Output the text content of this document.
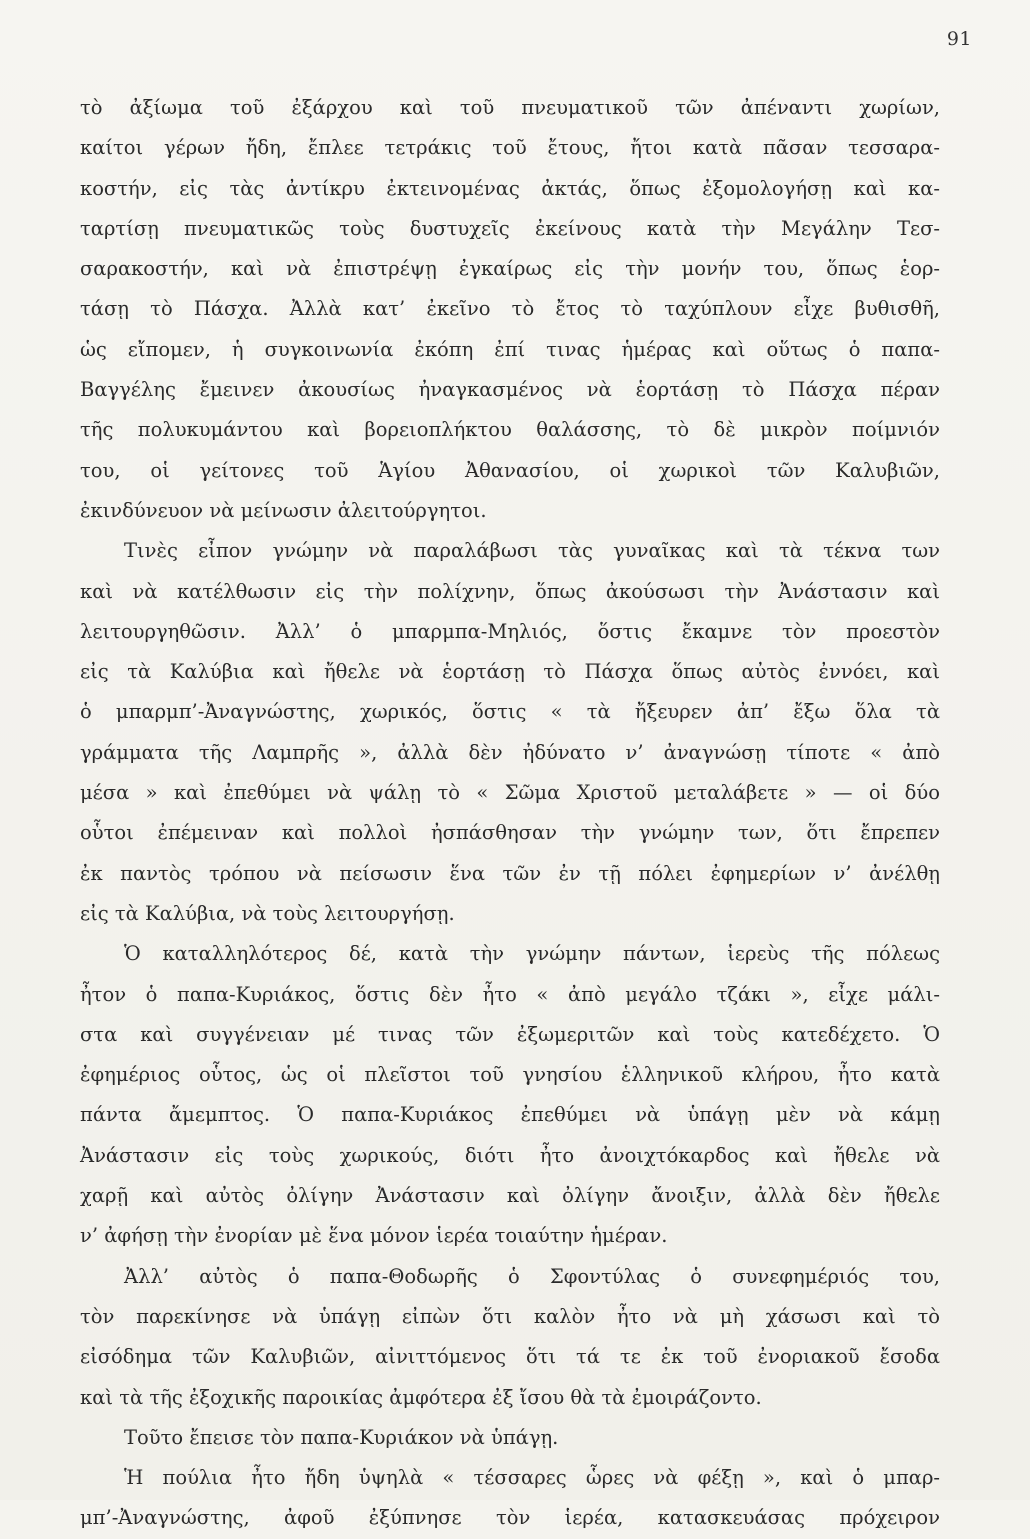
91
τὸ ἀξίωμα τοῦ ἐξάρχου καὶ τοῦ πνευματικοῦ τῶν ἀπέναντι χωρίων,
καίτοι γέρων ἤδη, ἔπλεε τετράκις τοῦ ἔτους, ἤτοι κατὰ πᾶσαν τεσσαρα-
κοστήν, εἰς τὰς ἀντίκρυ ἐκτεινομένας ἀκτάς, ὅπως ἐξομολογήσῃ καὶ κα-
ταρτίσῃ πνευματικῶς τοὺς δυστυχεῖς ἐκείνους κατὰ τὴν Μεγάλην Τεσ-
σαρακοστήν, καὶ νὰ ἐπιστρέψῃ ἐγκαίρως εἰς τὴν μονήν του, ὅπως ἑορ-
τάσῃ τὸ Πάσχα. Ἀλλὰ κατ’ ἐκεῖνο τὸ ἔτος τὸ ταχύπλουν εἶχε βυθισθῆ,
ὡς εἴπομεν, ἡ συγκοινωνία ἐκόπη ἐπί τινας ἡμέρας καὶ οὕτως ὁ παπα-
Βαγγέλης ἔμεινεν ἀκουσίως ἠναγκασμένος νὰ ἑορτάσῃ τὸ Πάσχα πέραν
τῆς πολυκυμάντου καὶ βορειοπλήκτου θαλάσσης, τὸ δὲ μικρὸν ποίμνιόν
του, οἱ γείτονες τοῦ Ἁγίου Ἀθανασίου, οἱ χωρικοὶ τῶν Καλυβιῶν,
ἐκινδύνευον νὰ μείνωσιν ἀλειτούργητοι.
Τινὲς εἶπον γνώμην νὰ παραλάβωσι τὰς γυναῖκας καὶ τὰ τέκνα των
καὶ νὰ κατέλθωσιν εἰς τὴν πολίχνην, ὅπως ἀκούσωσι τὴν Ἀνάστασιν καὶ
λειτουργηθῶσιν. Ἀλλ’ ὁ μπαρμπα-Μηλιός, ὅστις ἔκαμνε τὸν προεστὸν
εἰς τὰ Καλύβια καὶ ἤθελε νὰ ἑορτάσῃ τὸ Πάσχα ὅπως αὐτὸς ἐννόει, καὶ
ὁ μπαρμπ’-Ἀναγνώστης, χωρικός, ὅστις « τὰ ἤξευρεν ἀπ’ ἔξω ὅλα τὰ
γράμματα τῆς Λαμπρῆς », ἀλλὰ δὲν ἠδύνατο ν’ ἀναγνώσῃ τίποτε « ἀπὸ
μέσα » καὶ ἐπεθύμει νὰ ψάλῃ τὸ « Σῶμα Χριστοῦ μεταλάβετε » — οἱ δύο
οὗτοι ἐπέμειναν καὶ πολλοὶ ἠσπάσθησαν τὴν γνώμην των, ὅτι ἔπρεπεν
ἐκ παντὸς τρόπου νὰ πείσωσιν ἕνα τῶν ἐν τῇ πόλει ἐφημερίων ν’ ἀνέλθῃ
εἰς τὰ Καλύβια, νὰ τοὺς λειτουργήσῃ.
Ὁ καταλληλότερος δέ, κατὰ τὴν γνώμην πάντων, ἱερεὺς τῆς πόλεως
ἦτον ὁ παπα-Κυριάκος, ὅστις δὲν ἦτο « ἀπὸ μεγάλο τζάκι », εἶχε μάλι-
στα καὶ συγγένειαν μέ τινας τῶν ἐξωμεριτῶν καὶ τοὺς κατεδέχετο. Ὁ
ἐφημέριος οὗτος, ὡς οἱ πλεῖστοι τοῦ γνησίου ἑλληνικοῦ κλήρου, ἦτο κατὰ
πάντα ἄμεμπτος. Ὁ παπα-Κυριάκος ἐπεθύμει νὰ ὑπάγῃ μὲν νὰ κάμῃ
Ἀνάστασιν εἰς τοὺς χωρικούς, διότι ἦτο ἀνοιχτόκαρδος καὶ ἤθελε νὰ
χαρῇ καὶ αὐτὸς ὀλίγην Ἀνάστασιν καὶ ὀλίγην ἄνοιξιν, ἀλλὰ δὲν ἤθελε
ν’ ἀφήσῃ τὴν ἐνορίαν μὲ ἕνα μόνον ἱερέα τοιαύτην ἡμέραν.
Ἀλλ’ αὐτὸς ὁ παπα-Θοδωρῆς ὁ Σφοντύλας ὁ συνεφημέριός του,
τὸν παρεκίνησε νὰ ὑπάγῃ εἰπὼν ὅτι καλὸν ἦτο νὰ μὴ χάσωσι καὶ τὸ
εἰσόδημα τῶν Καλυβιῶν, αἰνιττόμενος ὅτι τά τε ἐκ τοῦ ἐνοριακοῦ ἔσοδα
καὶ τὰ τῆς ἐξοχικῆς παροικίας ἀμφότερα ἐξ ἴσου θὰ τὰ ἐμοιράζοντο.
Τοῦτο ἔπεισε τὸν παπα-Κυριάκον νὰ ὑπάγῃ.
Ἡ πούλια ἦτο ἤδη ὑψηλὰ « τέσσαρες ὧρες νὰ φέξῃ », καὶ ὁ μπαρ-
μπ’-Ἀναγνώστης, ἀφοῦ ἐξύπνησε τὸν ἱερέα, κατασκευάσας πρόχειρον
